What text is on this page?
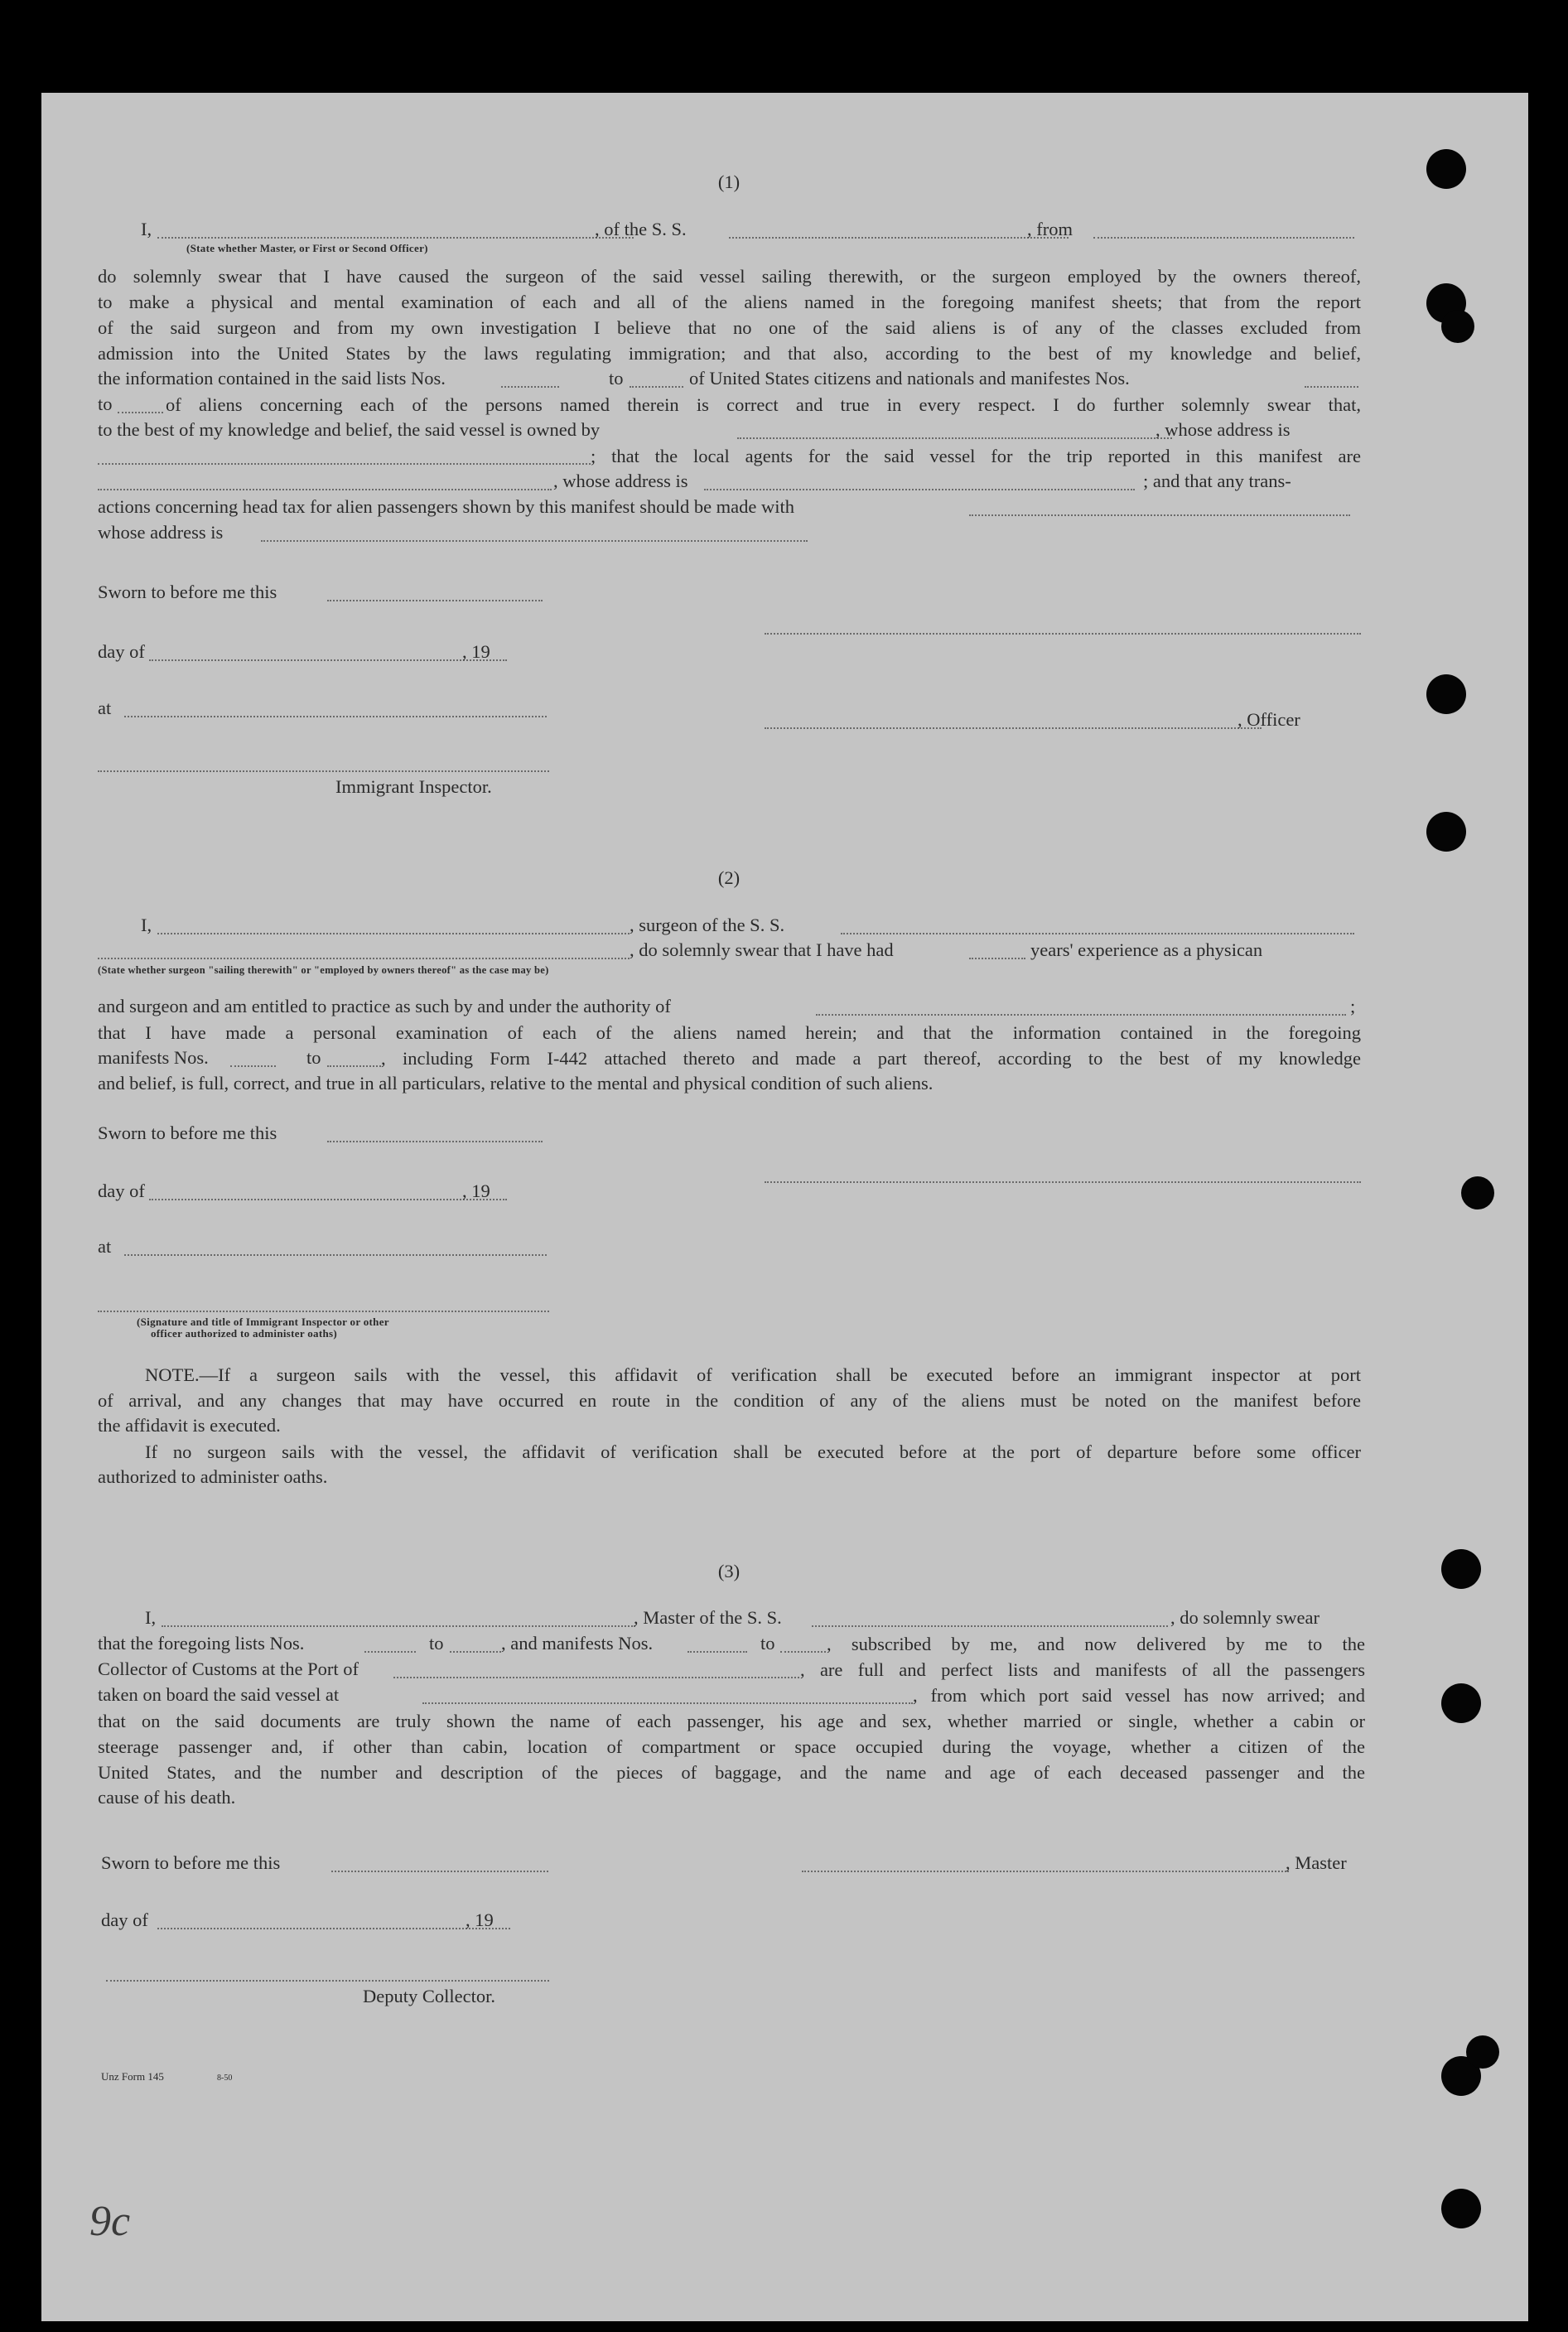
(1)
I,
(State whether Master, or First or Second Officer)
, of the S. S.	, from
do solemnly swear that I have caused the surgeon of the said vessel sailing therewith, or the surgeon employed by the owners thereof,
to make a physical and mental examination of each and all of the aliens named in the foregoing manifest sheets; that from the report
of the said surgeon and from my own investigation I believe that no one of the said aliens is of any of the classes excluded from
admission into the United States by the laws regulating immigration; and that also, according to the best of my knowledge and belief,
the information contained in the said lists Nos.	to	of United States citizens and nationals and manifestes Nos.
to	of aliens concerning each of the persons named therein is correct and true in every respect. I do further solemnly swear that,
to the best of my knowledge and belief, the said vessel is owned by	, whose address is
; that the local agents for the said vessel for the trip reported in this manifest are
, whose address is	; and that any trans-
actions concerning head tax for alien passengers shown by this manifest should be made with
whose address is
Sworn to before me this
day of	, 19
at
, Officer
Immigrant Inspector.
(2)
I,	, surgeon of the S. S.
, do solemnly swear that I have had	years' experience as a physican
(State whether surgeon "sailing therewith" or "employed by owners thereof" as the case may be)
and surgeon and am entitled to practice as such by and under the authority of	;
that I have made a personal examination of each of the aliens named herein; and that the information contained in the foregoing
manifests Nos.	to	, including Form I-442 attached thereto and made a part thereof, according to the best of my knowledge
and belief, is full, correct, and true in all particulars, relative to the mental and physical condition of such aliens.
Sworn to before me this
day of	, 19
at
(Signature and title of Immigrant Inspector or other
officer authorized to administer oaths)
NOTE.—If a surgeon sails with the vessel, this affidavit of verification shall be executed before an immigrant inspector at port
of arrival, and any changes that may have occurred en route in the condition of any of the aliens must be noted on the manifest before
the affidavit is executed.
If no surgeon sails with the vessel, the affidavit of verification shall be executed before at the port of departure before some officer
authorized to administer oaths.
(3)
I,	, Master of the S. S.	, do solemnly swear
that the foregoing lists Nos.	to	, and manifests Nos.	to	, subscribed by me, and now delivered by me to the
Collector of Customs at the Port of	, are full and perfect lists and manifests of all the passengers
taken on board the said vessel at	, from which port said vessel has now arrived; and
that on the said documents are truly shown the name of each passenger, his age and sex, whether married or single, whether a cabin or
steerage passenger and, if other than cabin, location of compartment or space occupied during the voyage, whether a citizen of the
United States, and the number and description of the pieces of baggage, and the name and age of each deceased passenger and the
cause of his death.
Sworn to before me this	, Master
day of	, 19
Deputy Collector.
Unz Form 145	8-50
9c
